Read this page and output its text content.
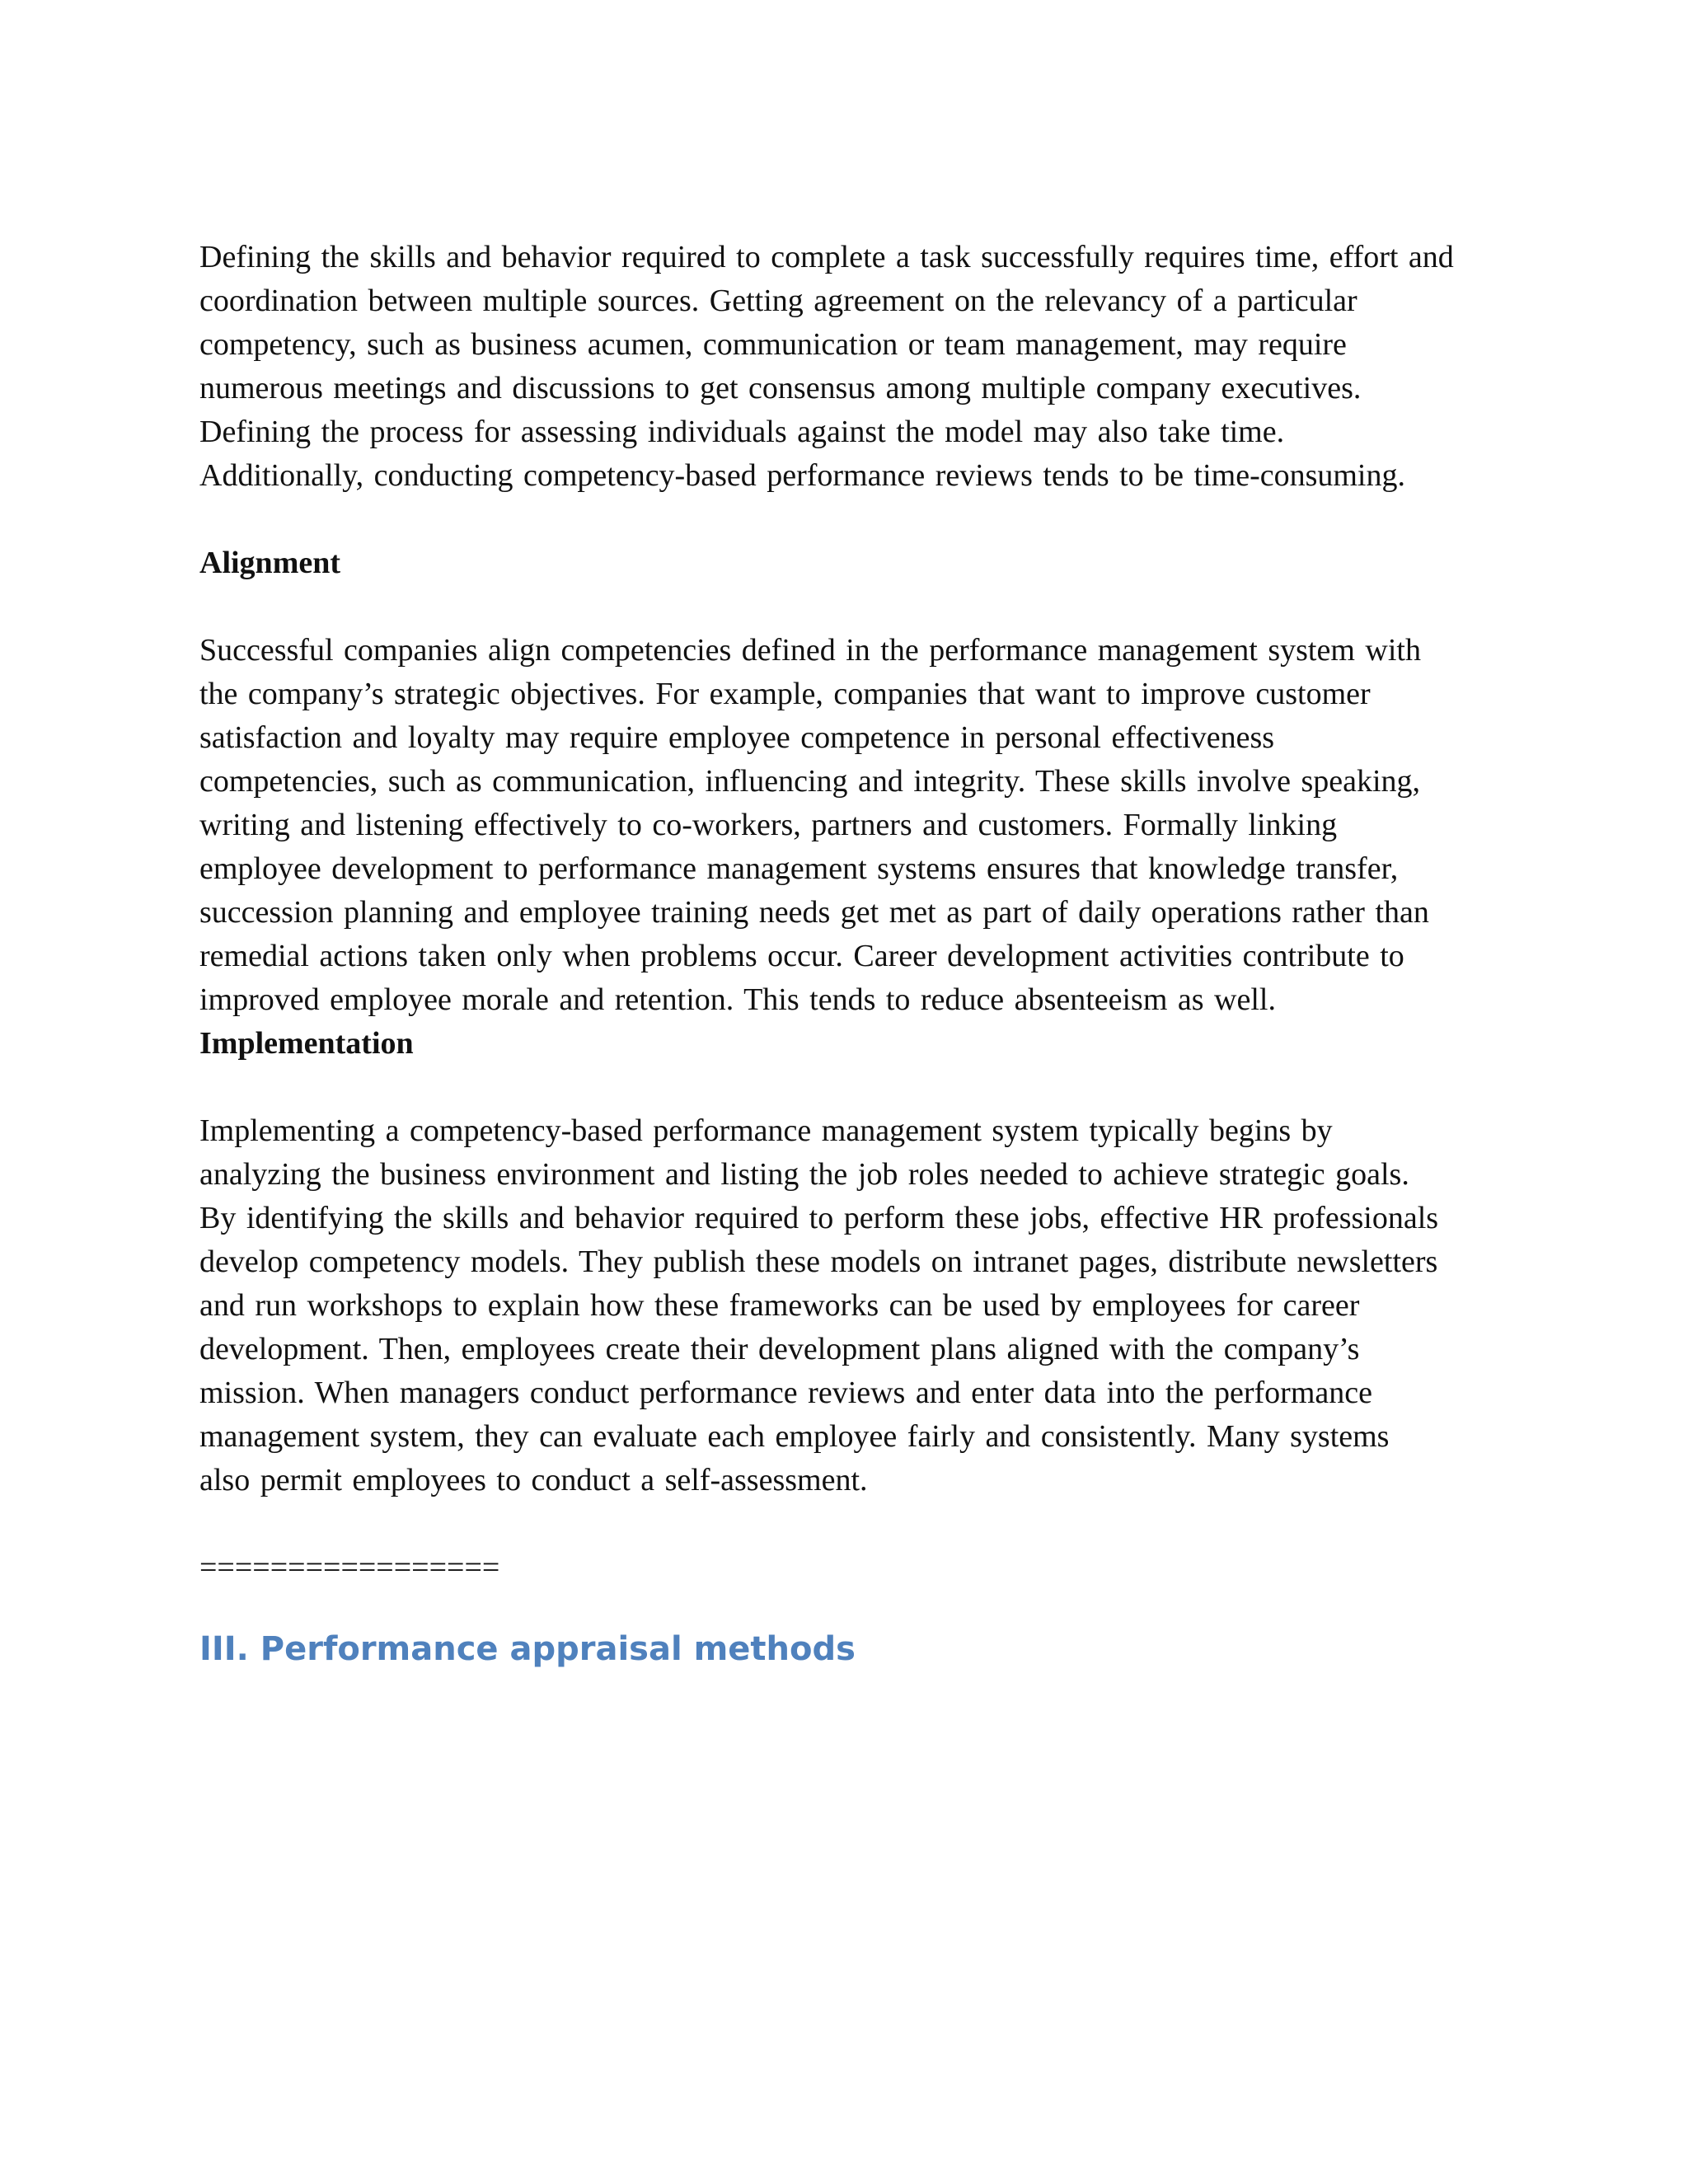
Defining the skills and behavior required to complete a task successfully requires time, effort and
coordination between multiple sources. Getting agreement on the relevancy of a particular
competency, such as business acumen, communication or team management, may require
numerous meetings and discussions to get consensus among multiple company executives.
Defining the process for assessing individuals against the model may also take time.
Additionally, conducting competency-based performance reviews tends to be time-consuming.
Alignment
Successful companies align competencies defined in the performance management system with
the company’s strategic objectives. For example, companies that want to improve customer
satisfaction and loyalty may require employee competence in personal effectiveness
competencies, such as communication, influencing and integrity. These skills involve speaking,
writing and listening effectively to co-workers, partners and customers. Formally linking
employee development to performance management systems ensures that knowledge transfer,
succession planning and employee training needs get met as part of daily operations rather than
remedial actions taken only when problems occur. Career development activities contribute to
improved employee morale and retention. This tends to reduce absenteeism as well.
Implementation
Implementing a competency-based performance management system typically begins by
analyzing the business environment and listing the job roles needed to achieve strategic goals.
By identifying the skills and behavior required to perform these jobs, effective HR professionals
develop competency models. They publish these models on intranet pages, distribute newsletters
and run workshops to explain how these frameworks can be used by employees for career
development. Then, employees create their development plans aligned with the company’s
mission. When managers conduct performance reviews and enter data into the performance
management system, they can evaluate each employee fairly and consistently. Many systems
also permit employees to conduct a self-assessment.
=================
III. Performance appraisal methods
